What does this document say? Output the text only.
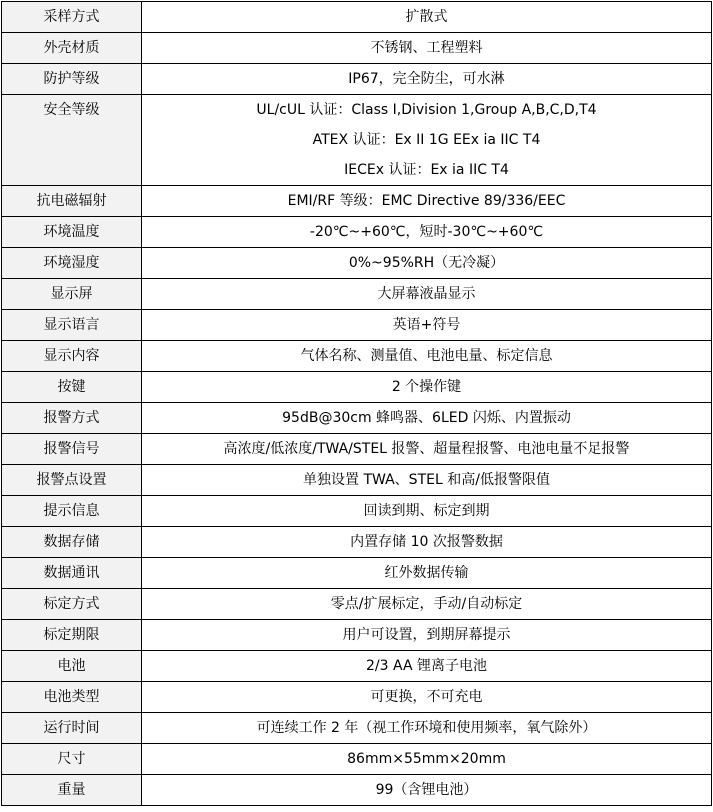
采样方式	扩散式
外壳材质	不锈钢、工程塑料
防护等级	IP67，完全防尘，可水淋

安全等级	UL/cUL 认证：Class I,Division 1,Group A,B,C,D,T4
ATEX 认证：Ex II 1G EEx ia IIC T4
IECEx 认证：Ex ia IIC T4

抗电磁辐射	EMI/RF 等级：EMC Directive 89/336/EEC
环境温度	-20℃~+60℃，短时-30℃~+60℃
环境湿度	0%~95%RH（无冷凝）
显示屏	大屏幕液晶显示
显示语言	英语+符号
显示内容	气体名称、测量值、电池电量、标定信息
按键	2 个操作键
报警方式	95dB@30cm 蜂鸣器、6LED 闪烁、内置振动
报警信号	高浓度/低浓度/TWA/STEL 报警、超量程报警、电池电量不足报警
报警点设置	单独设置 TWA、STEL 和高/低报警限值
提示信息	回读到期、标定到期
数据存储	内置存储 10 次报警数据
数据通讯	红外数据传输
标定方式	零点/扩展标定，手动/自动标定
标定期限	用户可设置，到期屏幕提示
电池	2/3 AA 锂离子电池
电池类型	可更换，不可充电
运行时间	可连续工作 2 年（视工作环境和使用频率，氧气除外）
尺寸	86mm×55mm×20mm
重量	99（含锂电池）
